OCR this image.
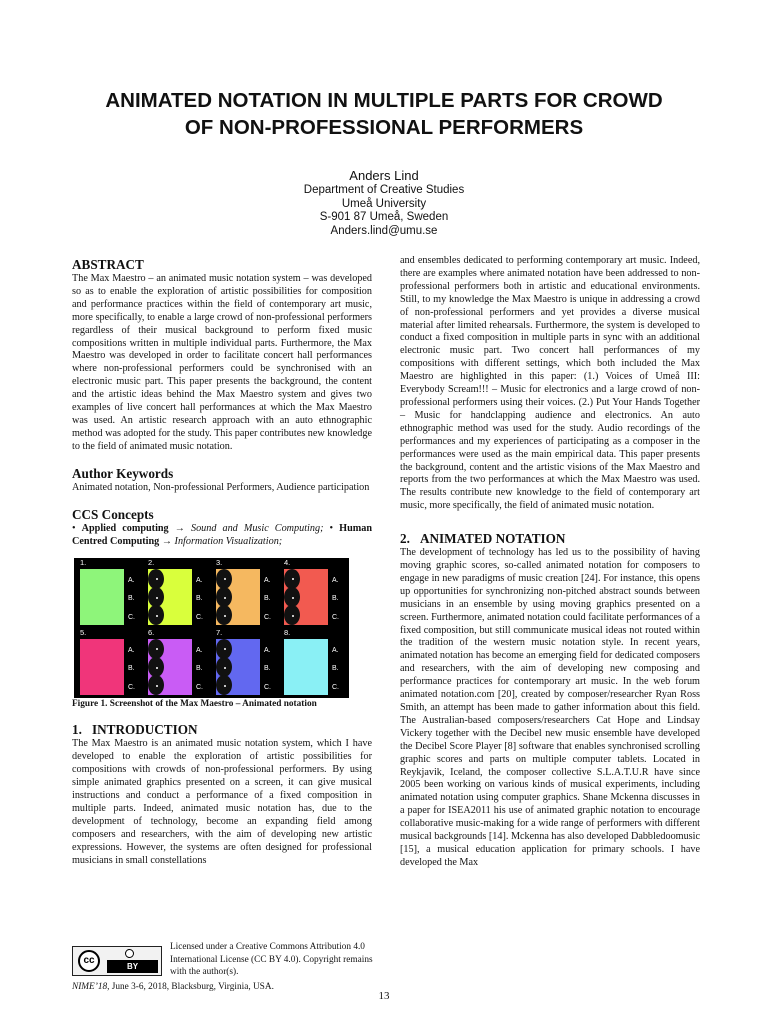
ANIMATED NOTATION IN MULTIPLE PARTS FOR CROWD
OF NON-PROFESSIONAL PERFORMERS
Anders Lind
Department of Creative Studies
Umeå University
S-901 87 Umeå, Sweden
Anders.lind@umu.se
ABSTRACT

The Max Maestro – an animated music notation system – was developed so as to enable the exploration of artistic possibilities for composition and performance practices within the field of contemporary art music, more specifically, to enable a large crowd of non-professional performers regardless of their musical background to perform fixed music compositions written in multiple individual parts. Furthermore, the Max Maestro was developed in order to facilitate concert hall performances where non-professional performers could be synchronised with an electronic music part. This paper presents the background, the content and the artistic ideas behind the Max Maestro system and gives two examples of live concert hall performances at which the Max Maestro was used. An artistic research approach with an auto ethnographic method was adopted for the study. This paper contributes new knowledge to the field of animated music notation.

Author Keywords

Animated notation, Non-professional Performers, Audience participation

CCS Concepts

• Applied computing → Sound and Music Computing; • Human Centred Computing → Information Visualization;

1.
A.
B.
C.
2.
A.
B.
C.
3.
A.
B.
C.
4.
A.
B.
C.
5.
A.
B.
C.
6.
A.
B.
C.
7.
A.
B.
C.
8.
A.
B.
C.

Figure 1. Screenshot of the Max Maestro – Animated notation

1. INTRODUCTION

The Max Maestro is an animated music notation system, which I have developed to enable the exploration of artistic possibilities for compositions with crowds of non-professional performers. By using simple animated graphics presented on a screen, it can give musical instructions and conduct a performance of a fixed composition in multiple parts. Indeed, animated music notation has, due to the development of technology, become an expanding field among composers and researchers, with the aim of developing new artistic expressions. However, the systems are often designed for professional musicians in small constellations

and ensembles dedicated to performing contemporary art music. Indeed, there are examples where animated notation have been addressed to non-professional performers both in artistic and educational environments. Still, to my knowledge the Max Maestro is unique in addressing a crowd of non-professional performers and yet provides a diverse musical material after limited rehearsals. Furthermore, the system is developed to conduct a fixed composition in multiple parts in sync with an additional electronic music part. Two concert hall performances of my compositions with different settings, which both included the Max Maestro are highlighted in this paper: (1.) Voices of Umeå III: Everybody Scream!!! – Music for electronics and a large crowd of non-professional performers using their voices. (2.) Put Your Hands Together – Music for handclapping audience and electronics. An auto ethnographic method was used for the study. Audio recordings of the performances and my experiences of participating as a composer in the performances were used as the main empirical data. This paper presents the background, content and the artistic visions of the Max Maestro and reports from the two performances at which the Max Maestro was used. The results contribute new knowledge to the field of contemporary art music, more specifically, the field of animated music notation.

2. ANIMATED NOTATION

The development of technology has led us to the possibility of having moving graphic scores, so-called animated notation for composers to engage in new paradigms of music creation [24]. For instance, this opens up opportunities for synchronizing non-pitched abstract sounds between musicians in an ensemble by using moving graphics presented on a screen. Furthermore, animated notation could facilitate performances of a fixed composition, but still communicate musical ideas not routed within the tradition of the western music notation style. In recent years, animated notation has become an emerging field for dedicated composers and researchers, with the aim of developing new composing and performance practices for contemporary art music. In the web forum animated notation.com [20], created by composer/researcher Ryan Ross Smith, an attempt has been made to gather information about this field. The Australian-based composers/researchers Cat Hope and Lindsay Vickery together with the Decibel new music ensemble have developed the Decibel Score Player [8] software that enables synchronised scrolling graphic scores and parts on multiple computer tablets. Located in Reykjavik, Iceland, the composer collective S.L.A.T.U.R have since 2005 been working on various kinds of musical experiments, including animated notation using computer graphics. Shane Mckenna discusses in a paper for ISEA2011 his use of animated graphic notation to encourage collaborative music-making for a wide range of performers with different musical backgrounds [14]. Mckenna has also developed Dabbledoomusic [15], a musical education application for primary schools. I have developed the Max

cc
BY
Licensed under a Creative Commons Attribution 4.0 International License (CC BY 4.0). Copyright remains with the author(s).
NIME’18, June 3-6, 2018, Blacksburg, Virginia, USA.
13
